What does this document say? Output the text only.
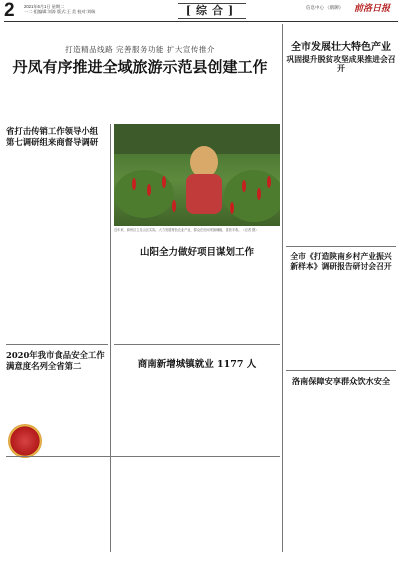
2 2021年6月1日 星期二
一二·组编辑:刘涛 版式:王 美 校对:刘瑞	[综合]	信息中心 《鹤聊》 前洛日报
打造精品线路 完善服务功能 扩大宣传推介
丹凤有序推进全域旅游示范县创建工作
全市发展壮大特色产业
巩固提升脱贫攻坚成果推进会召开
全市《打造陕南乡村产业振兴
新样本》调研报告研讨会召开
洛南保障安享群众饮水安全
省打击传销工作领导小组
第七调研组来商督导调研
2020年我市食品安全工作
满意度名列全省第二
近年来，商州区立足山区实际，大力发展特色农业产业，群众在田间采摘辣椒，喜获丰收。（记者 摄）
山阳全力做好项目谋划工作
商南新增城镇就业 1177 人
